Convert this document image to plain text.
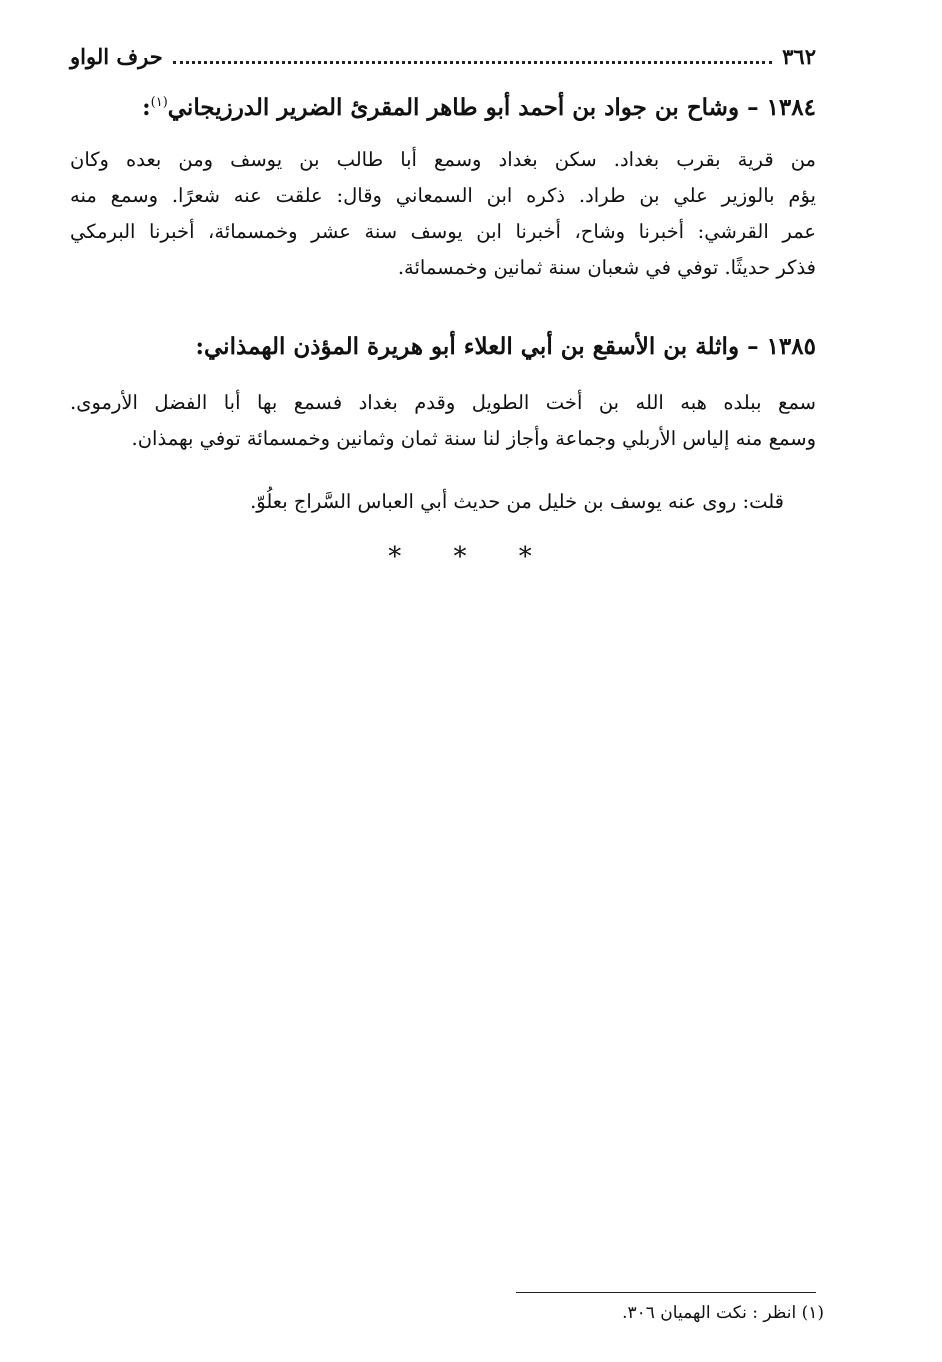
٣٦٢
حرف الواو
١٣٨٤ – وشاح بن جواد بن أحمد أبو طاهر المقرئ الضرير الدرزيجاني$^{(١)}$:
من قرية بقرب بغداد. سكن بغداد وسمع أبا طالب بن يوسف ومن بعده وكان
يؤم بالوزير علي بن طراد. ذكره ابن السمعاني وقال: علقت عنه شعرًا. وسمع منه
عمر القرشي: أخبرنا وشاح، أخبرنا ابن يوسف سنة عشر وخمسمائة، أخبرنا البرمكي
فذكر حديثًا. توفي في شعبان سنة ثمانين وخمسمائة.
١٣٨٥ – واثلة بن الأسقع بن أبي العلاء أبو هريرة المؤذن الهمذاني:
سمع ببلده هبه الله بن أخت الطويل وقدم بغداد فسمع بها أبا الفضل الأرموى.
وسمع منه إلياس الأربلي وجماعة وأجاز لنا سنة ثمان وثمانين وخمسمائة توفي بهمذان.
قلت: روى عنه يوسف بن خليل من حديث أبي العباس السَّراج بعلُوّ.
* * *
(١) انظر : نكت الهميان ٣٠٦.
